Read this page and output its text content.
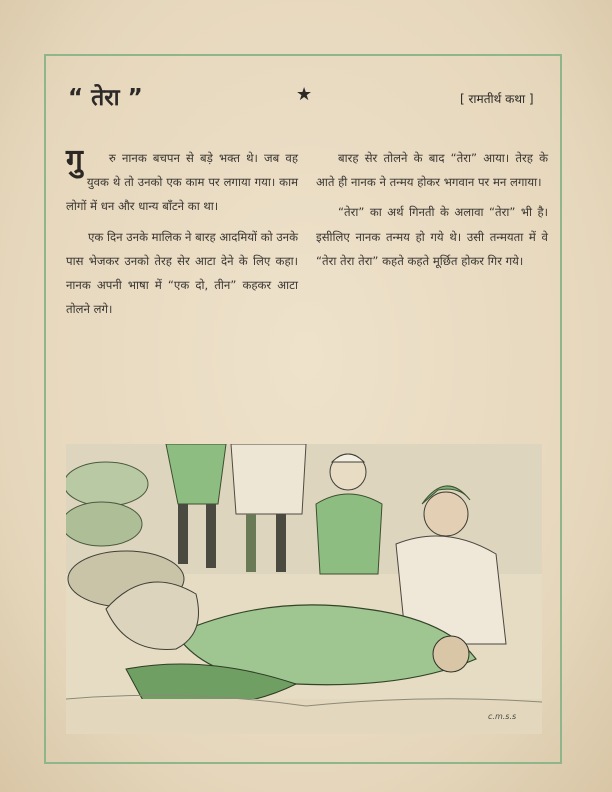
“ तेरा ”	★	[ रामतीर्थ कथा ]

गु रु नानक बचपन से बड़े भक्त थे। जब वह युवक थे तो उनको एक काम पर लगाया गया। काम लोगों में धन और धान्य बाँटने का था।

एक दिन उनके मालिक ने बारह आदमियों को उनके पास भेजकर उनको तेरह सेर आटा देने के लिए कहा। नानक अपनी भाषा में “एक दो, तीन” कहकर आटा तोलने लगे।

बारह सेर तोलने के बाद “तेरा” आया। तेरह के आते ही नानक ने तन्मय होकर भगवान पर मन लगाया।

“तेरा” का अर्थ गिनती के अलावा “तेरा” भी है। इसीलिए नानक तन्मय हो गये थे। उसी तन्मयता में वे “तेरा तेरा तेरा” कहते कहते मूर्छित होकर गिर गये।

c.m.s.s
